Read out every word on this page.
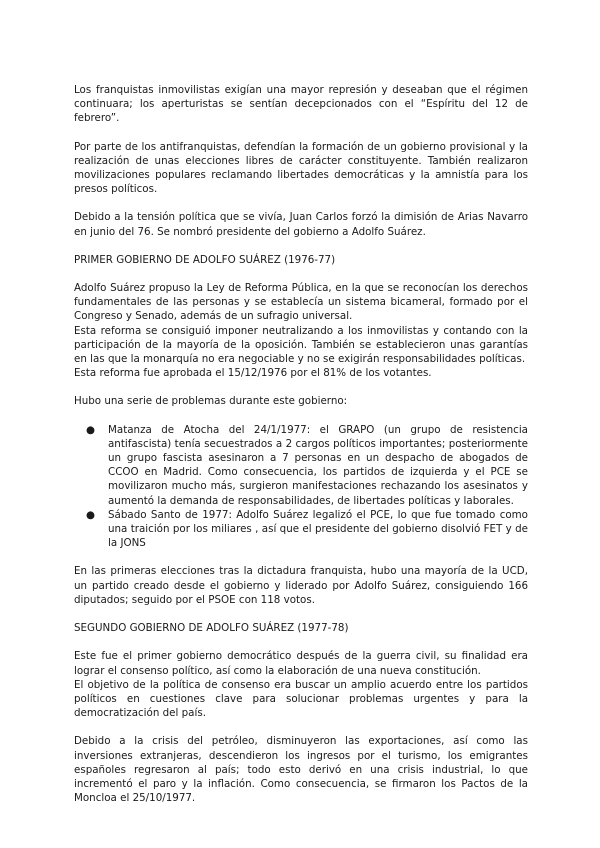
Los franquistas inmovilistas exigían una mayor represión y deseaban que el régimen continuara; los aperturistas se sentían decepcionados con el “Espíritu del 12 de febrero”.

Por parte de los antifranquistas, defendían la formación de un gobierno provisional y la realización de unas elecciones libres de carácter constituyente. También realizaron movilizaciones populares reclamando libertades democráticas y la amnistía para los presos políticos.

Debido a la tensión política que se vivía, Juan Carlos forzó la dimisión de Arias Navarro en junio del 76. Se nombró presidente del gobierno a Adolfo Suárez.

PRIMER GOBIERNO DE ADOLFO SUÁREZ (1976-77)

Adolfo Suárez propuso la Ley de Reforma Pública, en la que se reconocían los derechos fundamentales de las personas y se establecía un sistema bicameral, formado por el Congreso y Senado, además de un sufragio universal.

Esta reforma se consiguió imponer neutralizando a los inmovilistas y contando con la participación de la mayoría de la oposición. También se establecieron unas garantías en las que la monarquía no era negociable y no se exigirán responsabilidades políticas.

Esta reforma fue aprobada el 15/12/1976 por el 81% de los votantes.

Hubo una serie de problemas durante este gobierno:

● Matanza de Atocha del 24/1/1977: el GRAPO (un grupo de resistencia antifascista) tenía secuestrados a 2 cargos políticos importantes; posteriormente un grupo fascista asesinaron a 7 personas en un despacho de abogados de CCOO en Madrid. Como consecuencia, los partidos de izquierda y el PCE se movilizaron mucho más, surgieron manifestaciones rechazando los asesinatos y aumentó la demanda de responsabilidades, de libertades políticas y laborales.
● Sábado Santo de 1977: Adolfo Suárez legalizó el PCE, lo que fue tomado como una traición por los miliares , así que el presidente del gobierno disolvió FET y de la JONS

En las primeras elecciones tras la dictadura franquista, hubo una mayoría de la UCD, un partido creado desde el gobierno y liderado por Adolfo Suárez, consiguiendo 166 diputados; seguido por el PSOE con 118 votos.

SEGUNDO GOBIERNO DE ADOLFO SUÁREZ (1977-78)

Este fue el primer gobierno democrático después de la guerra civil, su finalidad era lograr el consenso político, así como la elaboración de una nueva constitución.

El objetivo de la política de consenso era buscar un amplio acuerdo entre los partidos políticos en cuestiones clave para solucionar problemas urgentes y para la democratización del país.

Debido a la crisis del petróleo, disminuyeron las exportaciones, así como las inversiones extranjeras, descendieron los ingresos por el turismo, los emigrantes españoles regresaron al país; todo esto derivó en una crisis industrial, lo que incrementó el paro y la inflación. Como consecuencia, se firmaron los Pactos de la Moncloa el 25/10/1977.
